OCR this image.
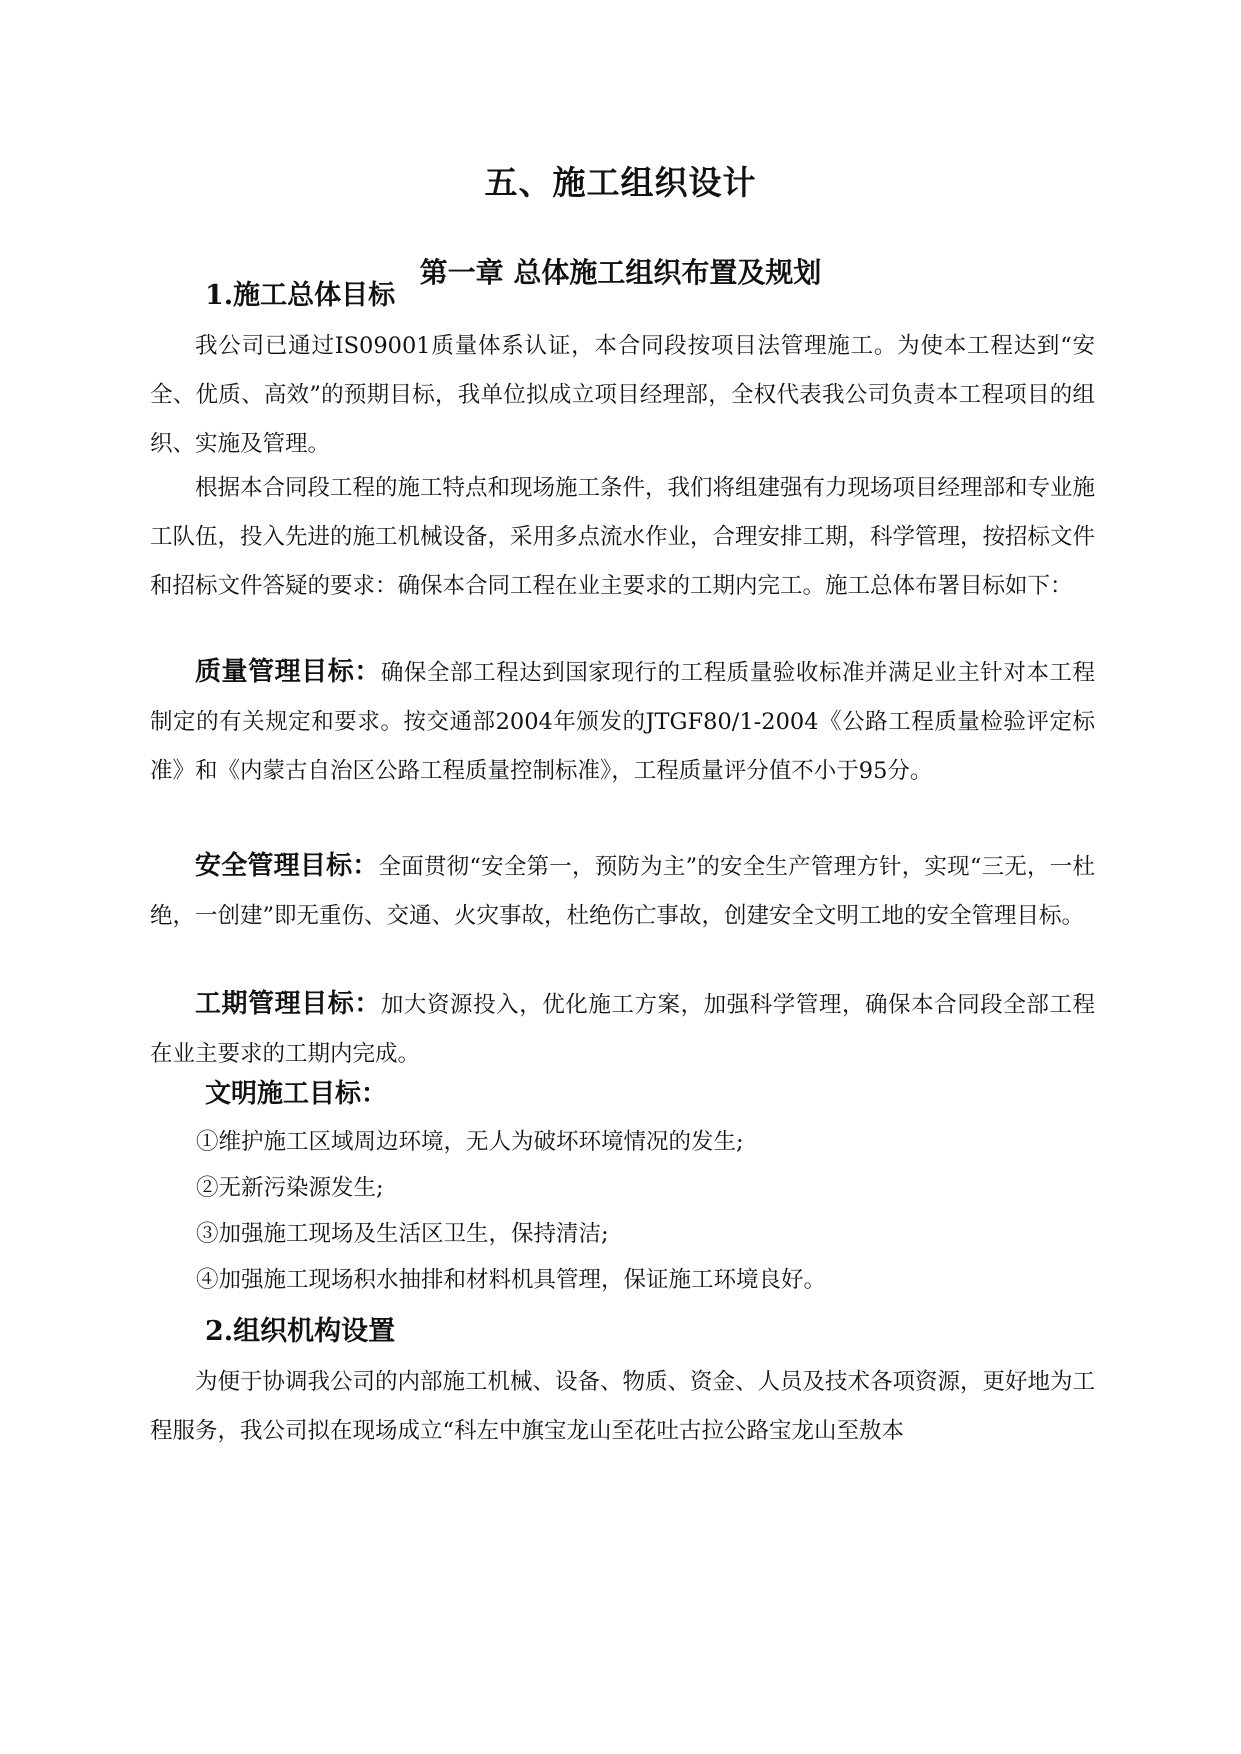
五、施工组织设计
第一章 总体施工组织布置及规划
1.施工总体目标

我公司已通过IS09001质量体系认证，本合同段按项目法管理施工。为使本工程达到“安全、优质、高效”的预期目标，我单位拟成立项目经理部，全权代表我公司负责本工程项目的组织、实施及管理。

根据本合同段工程的施工特点和现场施工条件，我们将组建强有力现场项目经理部和专业施工队伍，投入先进的施工机械设备，采用多点流水作业，合理安排工期，科学管理，按招标文件和招标文件答疑的要求：确保本合同工程在业主要求的工期内完工。施工总体布署目标如下：

质量管理目标：确保全部工程达到国家现行的工程质量验收标准并满足业主针对本工程制定的有关规定和要求。按交通部2004年颁发的JTGF80/1-2004《公路工程质量检验评定标准》和《内蒙古自治区公路工程质量控制标准》，工程质量评分值不小于95分。

安全管理目标：全面贯彻“安全第一，预防为主”的安全生产管理方针，实现“三无，一杜绝，一创建”即无重伤、交通、火灾事故，杜绝伤亡事故，创建安全文明工地的安全管理目标。

工期管理目标：加大资源投入，优化施工方案，加强科学管理，确保本合同段全部工程在业主要求的工期内完成。

文明施工目标：
①维护施工区域周边环境，无人为破坏环境情况的发生;
②无新污染源发生;
③加强施工现场及生活区卫生，保持清洁;
④加强施工现场积水抽排和材料机具管理，保证施工环境良好。
2.组织机构设置

为便于协调我公司的内部施工机械、设备、物质、资金、人员及技术各项资源，更好地为工程服务，我公司拟在现场成立“科左中旗宝龙山至花吐古拉公路宝龙山至敖本
